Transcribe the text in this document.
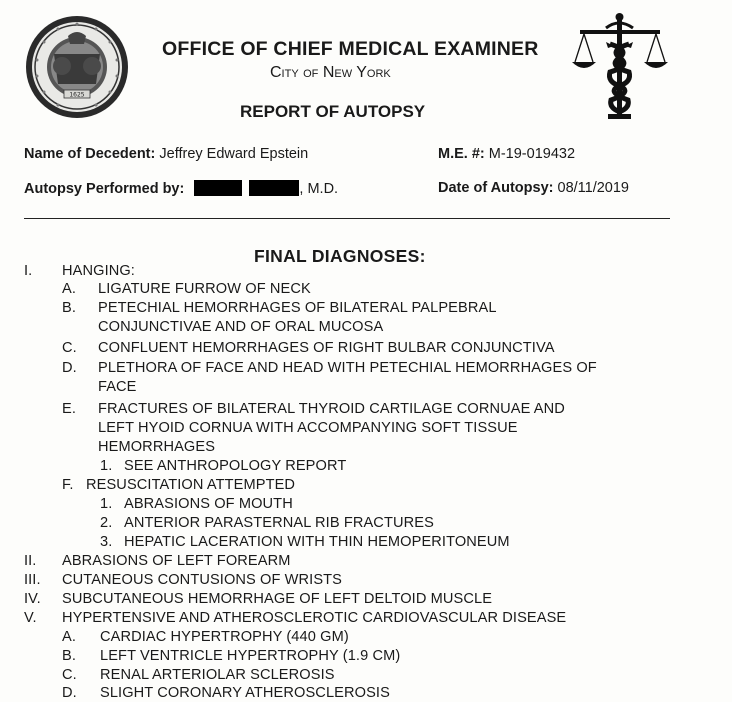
1625
OFFICE OF CHIEF MEDICAL EXAMINER
City of New York
REPORT OF AUTOPSY
Name of Decedent: Jeffrey Edward Epstein	M.E. #: M-19-019432
Autopsy Performed by:	, M.D.	Date of Autopsy: 08/11/2019
FINAL DIAGNOSES:
I. HANGING:
A. LIGATURE FURROW OF NECK
B. PETECHIAL HEMORRHAGES OF BILATERAL PALPEBRAL
CONJUNCTIVAE AND OF ORAL MUCOSA
C. CONFLUENT HEMORRHAGES OF RIGHT BULBAR CONJUNCTIVA
D. PLETHORA OF FACE AND HEAD WITH PETECHIAL HEMORRHAGES OF
FACE
E. FRACTURES OF BILATERAL THYROID CARTILAGE CORNUAE AND
LEFT HYOID CORNUA WITH ACCOMPANYING SOFT TISSUE
HEMORRHAGES
1. SEE ANTHROPOLOGY REPORT
F. RESUSCITATION ATTEMPTED
1. ABRASIONS OF MOUTH
2. ANTERIOR PARASTERNAL RIB FRACTURES
3. HEPATIC LACERATION WITH THIN HEMOPERITONEUM
II. ABRASIONS OF LEFT FOREARM
III. CUTANEOUS CONTUSIONS OF WRISTS
IV. SUBCUTANEOUS HEMORRHAGE OF LEFT DELTOID MUSCLE
V. HYPERTENSIVE AND ATHEROSCLEROTIC CARDIOVASCULAR DISEASE
A. CARDIAC HYPERTROPHY (440 GM)
B. LEFT VENTRICLE HYPERTROPHY (1.9 CM)
C. RENAL ARTERIOLAR SCLEROSIS
D. SLIGHT CORONARY ATHEROSCLEROSIS
